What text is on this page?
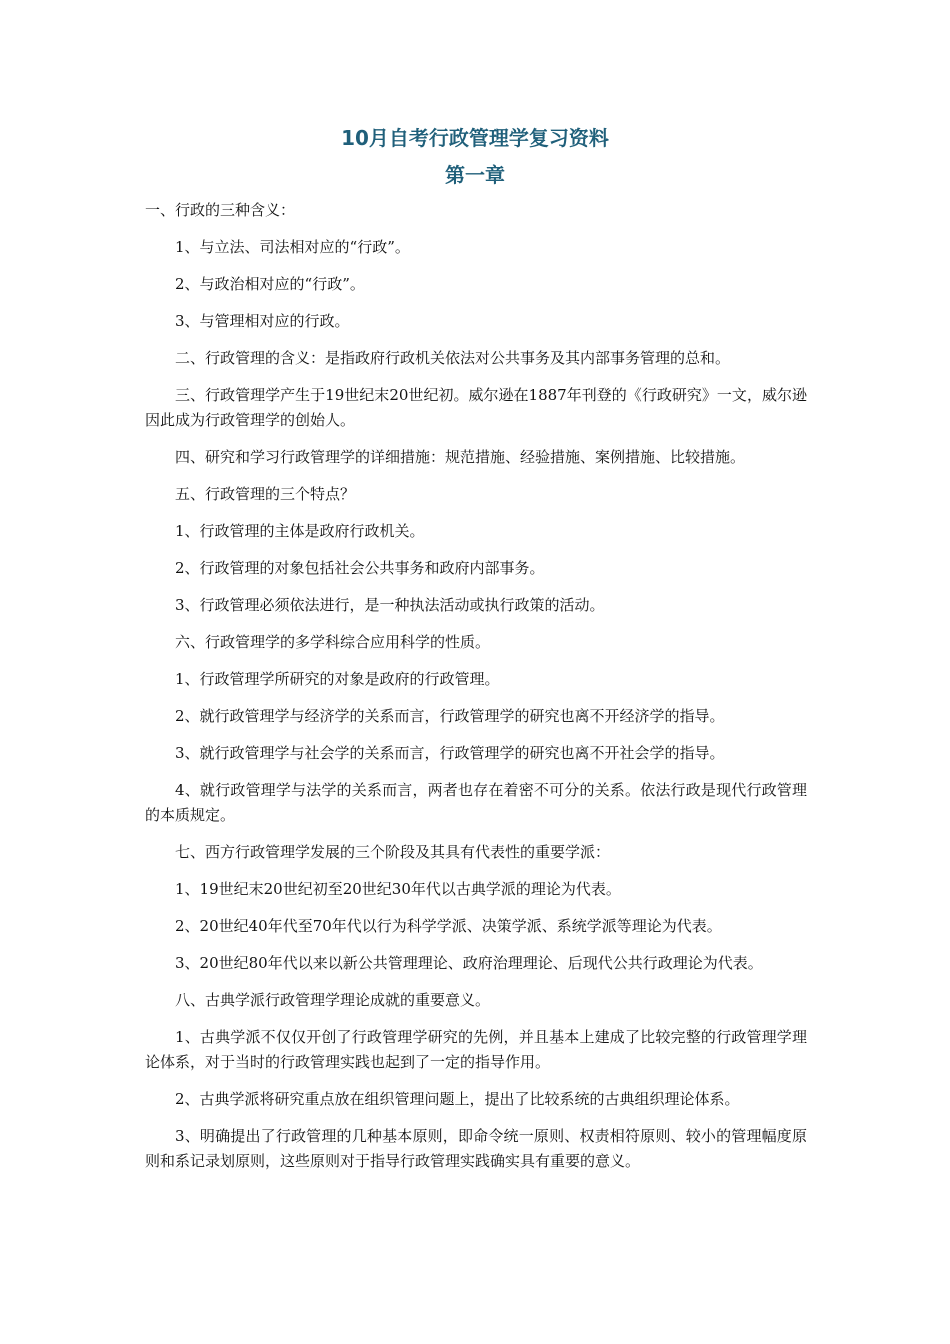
10月自考行政管理学复习资料
第一章

一、行政的三种含义：

1、与立法、司法相对应的“行政”。

2、与政治相对应的“行政”。

3、与管理相对应的行政。

二、行政管理的含义：是指政府行政机关依法对公共事务及其内部事务管理的总和。

三、行政管理学产生于19世纪末20世纪初。威尔逊在1887年刊登的《行政研究》一文，威尔逊因此成为行政管理学的创始人。

四、研究和学习行政管理学的详细措施：规范措施、经验措施、案例措施、比较措施。

五、行政管理的三个特点？

1、行政管理的主体是政府行政机关。

2、行政管理的对象包括社会公共事务和政府内部事务。

3、行政管理必须依法进行，是一种执法活动或执行政策的活动。

六、行政管理学的多学科综合应用科学的性质。

1、行政管理学所研究的对象是政府的行政管理。

2、就行政管理学与经济学的关系而言，行政管理学的研究也离不开经济学的指导。

3、就行政管理学与社会学的关系而言，行政管理学的研究也离不开社会学的指导。

4、就行政管理学与法学的关系而言，两者也存在着密不可分的关系。依法行政是现代行政管理的本质规定。

七、西方行政管理学发展的三个阶段及其具有代表性的重要学派：

1、19世纪末20世纪初至20世纪30年代以古典学派的理论为代表。

2、20世纪40年代至70年代以行为科学学派、决策学派、系统学派等理论为代表。

3、20世纪80年代以来以新公共管理理论、政府治理理论、后现代公共行政理论为代表。

八、古典学派行政管理学理论成就的重要意义。

1、古典学派不仅仅开创了行政管理学研究的先例，并且基本上建成了比较完整的行政管理学理论体系，对于当时的行政管理实践也起到了一定的指导作用。

2、古典学派将研究重点放在组织管理问题上，提出了比较系统的古典组织理论体系。

3、明确提出了行政管理的几种基本原则，即命令统一原则、权责相符原则、较小的管理幅度原则和系记录划原则，这些原则对于指导行政管理实践确实具有重要的意义。
